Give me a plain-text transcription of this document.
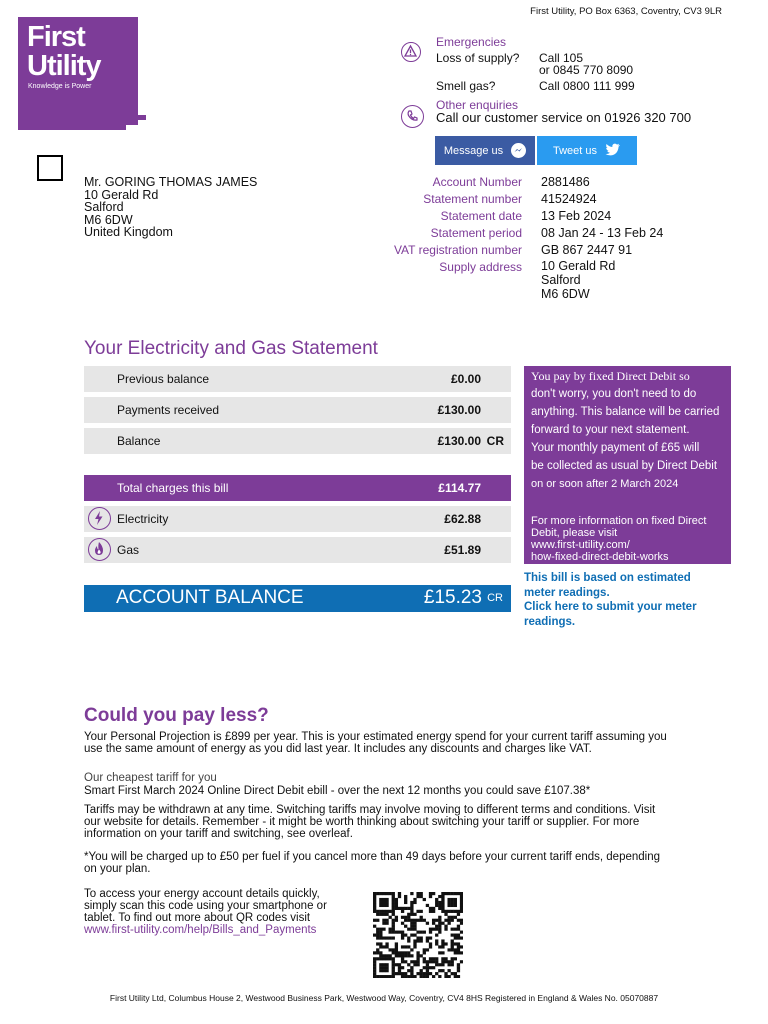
First
Utility
Knowledge is Power
First Utility, PO Box 6363, Coventry, CV3 9LR
Emergencies
Loss of supply? Call 105
or 0845 770 8090
Smell gas?	Call 0800 111 999
Other enquiries
Call our customer service on 01926 320 700
Message us	Tweet us
Mr. GORING THOMAS JAMES
10 Gerald Rd
Salford
M6 6DW
United Kingdom
Account Number 2881486
Statement number 41524924
Statement date 13 Feb 2024
Statement period 08 Jan 24 - 13 Feb 24
VAT registration number GB 867 2447 91
Supply address 10 Gerald Rd
Salford
M6 6DW
Your Electricity and Gas Statement
Previous balance	£0.00
Payments received	£130.00
Balance	£130.00 CR
Total charges this bill	£114.77
Electricity	£62.88
Gas	£51.89
ACCOUNT BALANCE	£15.23 CR
You pay by fixed Direct Debit so
don't worry, you don't need to do
anything. This balance will be carried
forward to your next statement.
Your monthly payment of £65 will
be collected as usual by Direct Debit
on or soon after 2 March 2024
For more information on fixed Direct
Debit, please visit
www.first-utility.com/
how-fixed-direct-debit-works
This bill is based on estimated
meter readings.
Click here to submit your meter
readings.
Could you pay less?
Your Personal Projection is £899 per year. This is your estimated energy spend for your current tariff assuming you
use the same amount of energy as you did last year. It includes any discounts and charges like VAT.
Our cheapest tariff for you
Smart First March 2024 Online Direct Debit ebill - over the next 12 months you could save £107.38*
Tariffs may be withdrawn at any time. Switching tariffs may involve moving to different terms and conditions. Visit
our website for details. Remember - it might be worth thinking about switching your tariff or supplier. For more
information on your tariff and switching, see overleaf.
*You will be charged up to £50 per fuel if you cancel more than 49 days before your current tariff ends, depending
on your plan.
To access your energy account details quickly,
simply scan this code using your smartphone or
tablet. To find out more about QR codes visit
www.first-utility.com/help/Bills_and_Payments
First Utility Ltd, Columbus House 2, Westwood Business Park, Westwood Way, Coventry, CV4 8HS Registered in England & Wales No. 05070887
